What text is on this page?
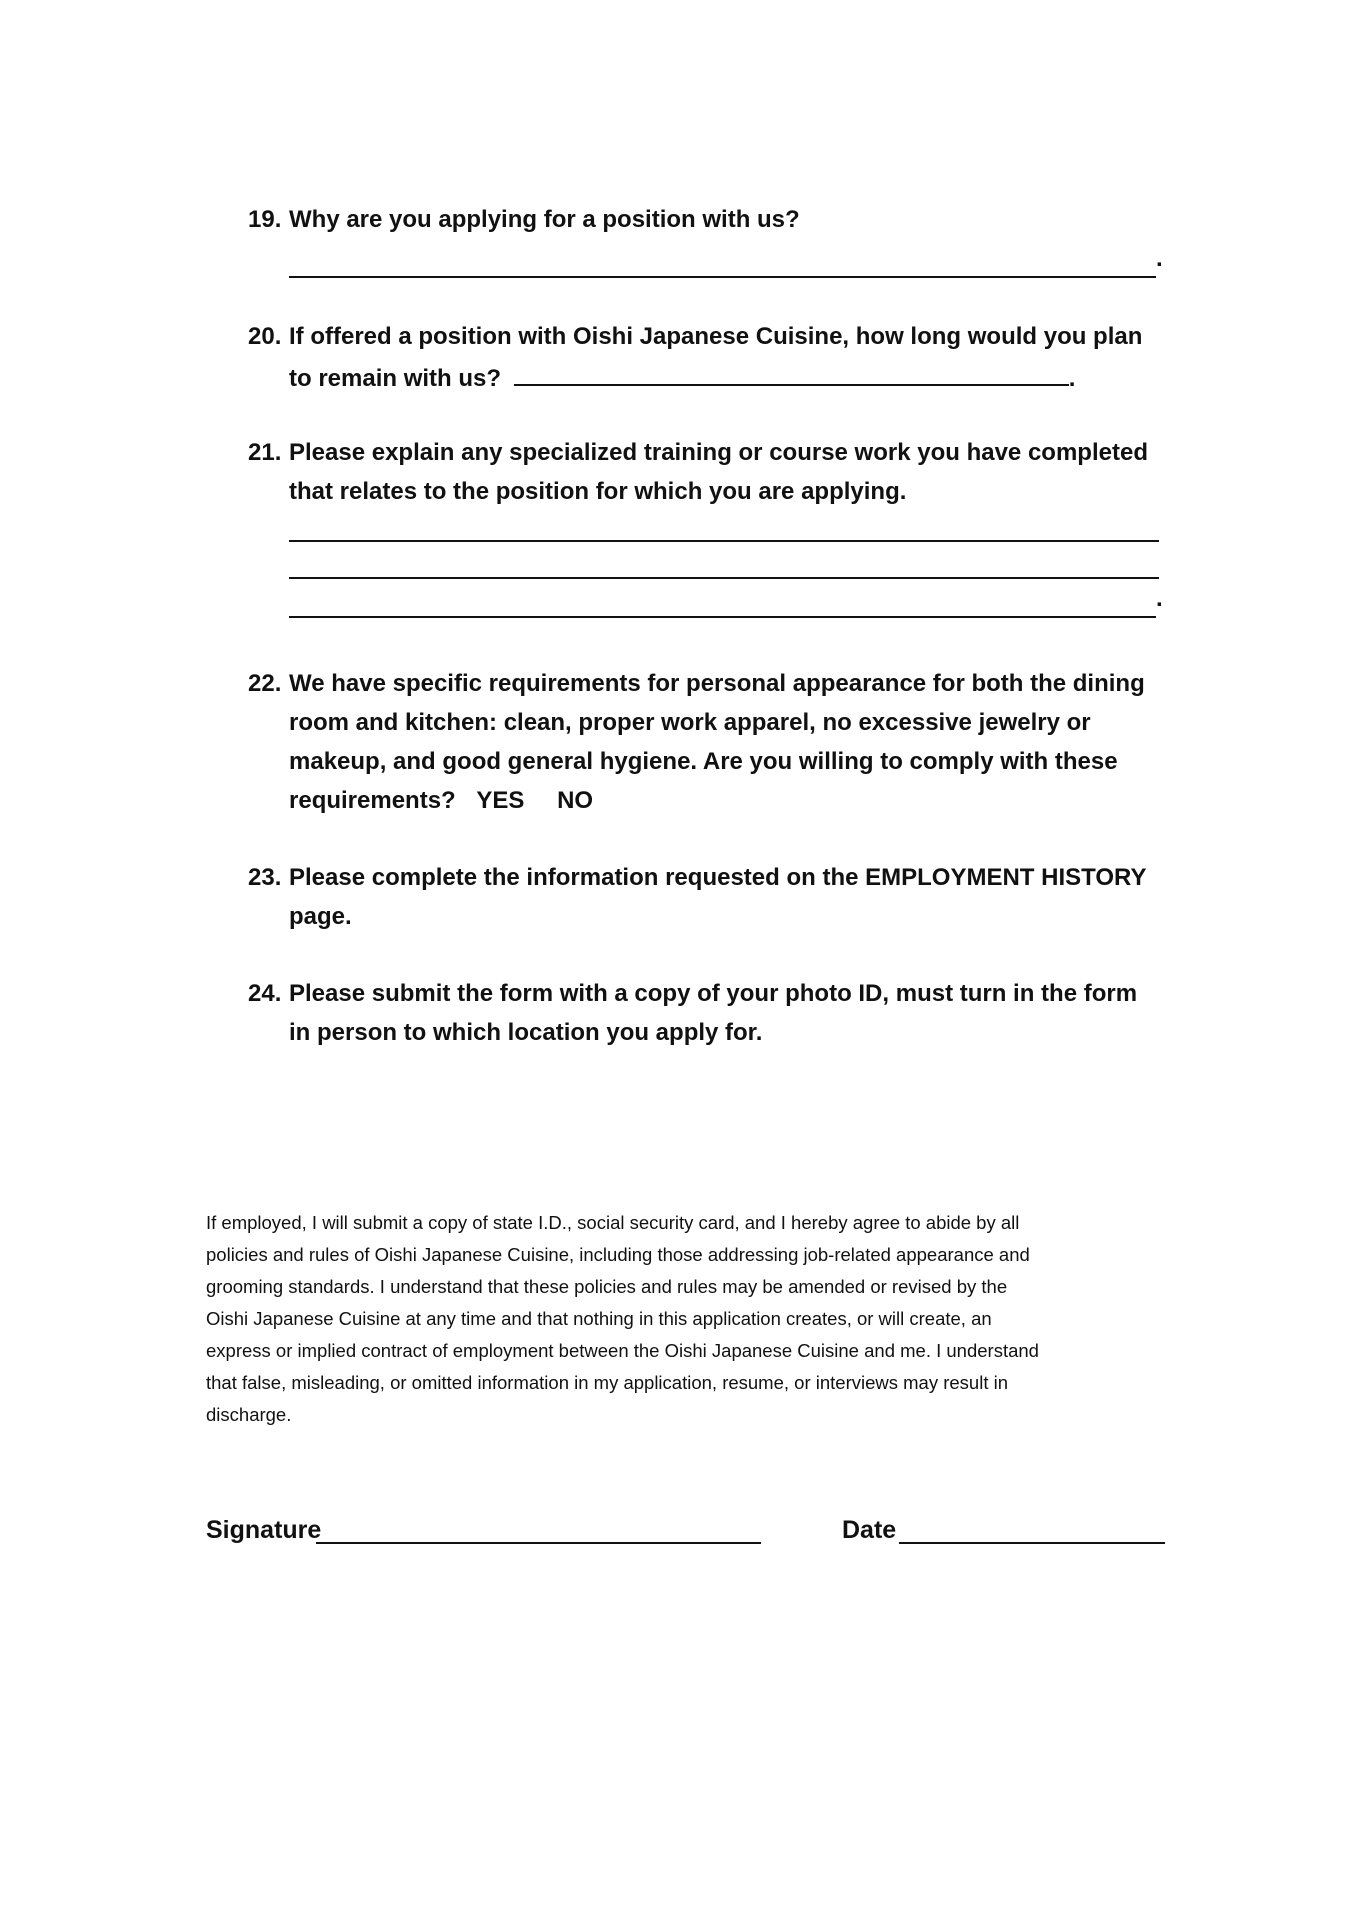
19. Why are you applying for a position with us?
.
20. If offered a position with Oishi Japanese Cuisine, how long would you plan
to remain with us?	.
21. Please explain any specialized training or course work you have completed
that relates to the position for which you are applying.
.
22. We have specific requirements for personal appearance for both the dining
room and kitchen: clean, proper work apparel, no excessive jewelry or
makeup, and good general hygiene. Are you willing to comply with these
requirements? YES NO
23. Please complete the information requested on the EMPLOYMENT HISTORY
page.
24. Please submit the form with a copy of your photo ID, must turn in the form
in person to which location you apply for.
If employed, I will submit a copy of state I.D., social security card, and I hereby agree to abide by all
policies and rules of Oishi Japanese Cuisine, including those addressing job-related appearance and
grooming standards. I understand that these policies and rules may be amended or revised by the
Oishi Japanese Cuisine at any time and that nothing in this application creates, or will create, an
express or implied contract of employment between the Oishi Japanese Cuisine and me. I understand
that false, misleading, or omitted information in my application, resume, or interviews may result in
discharge.
Signature	Date
